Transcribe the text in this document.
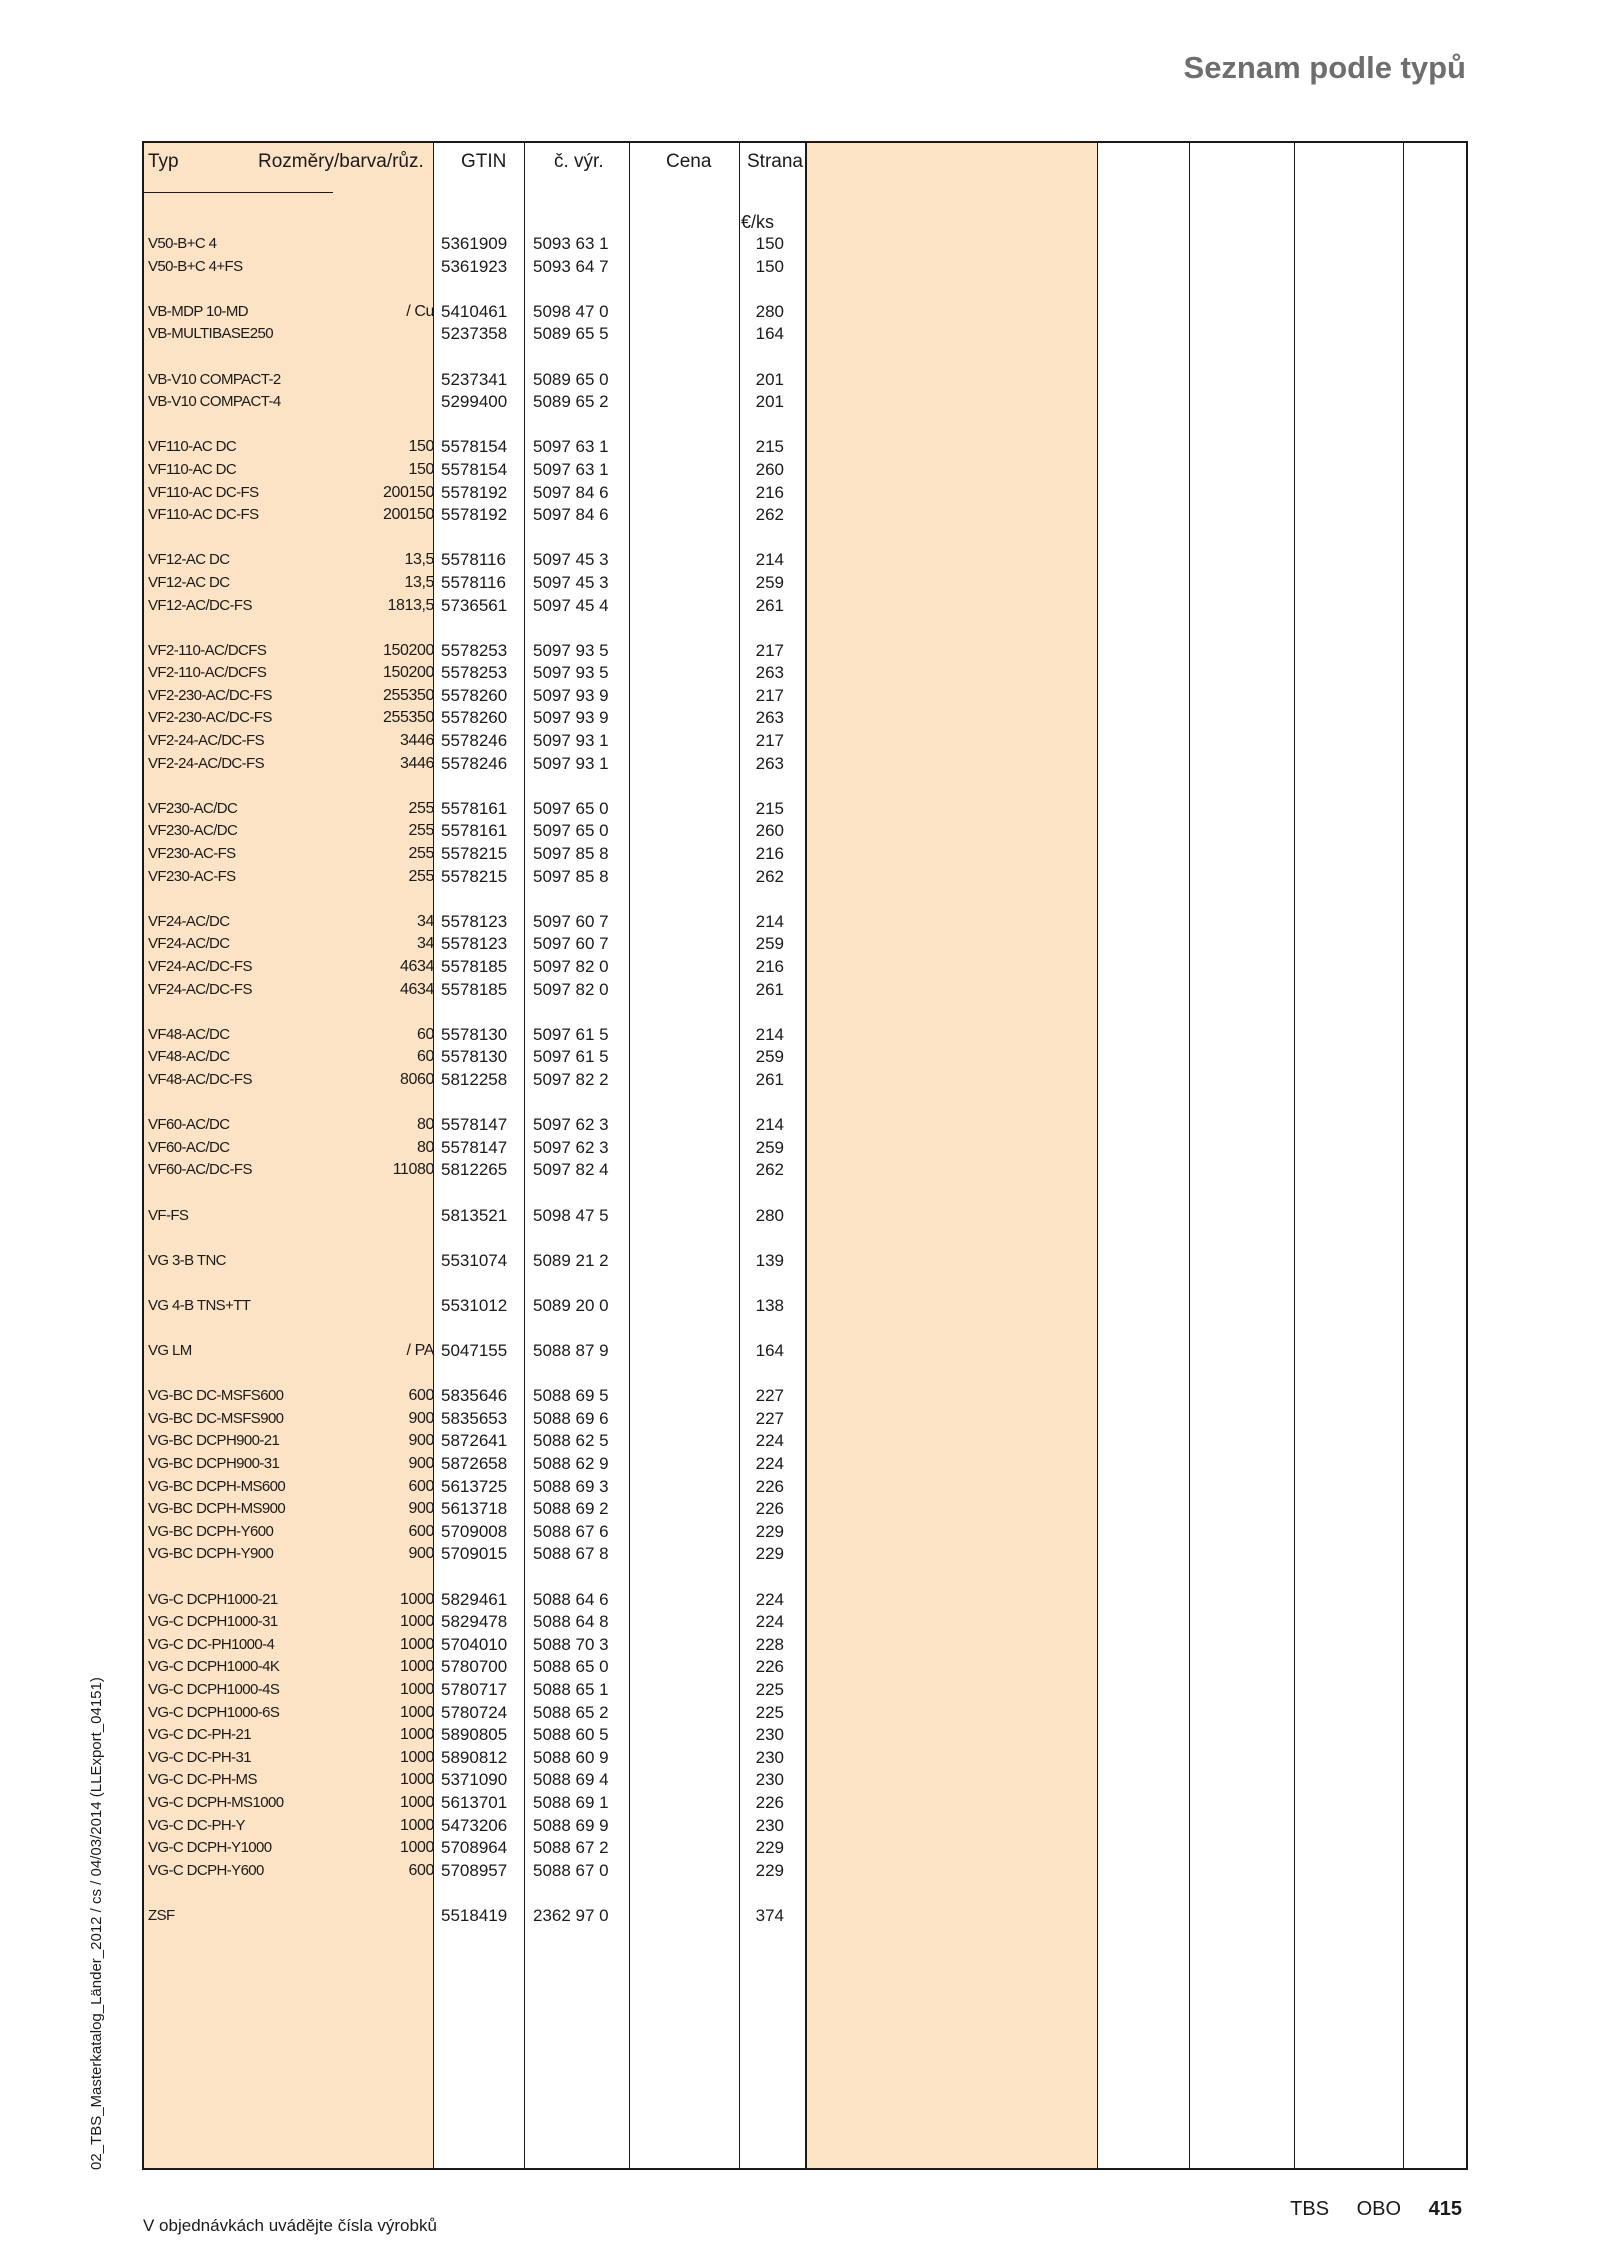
Seznam podle typů
Typ	Rozměry/barva/růz. GTIN	č. výr.	Cena Strana
€/ks
V50-B+C 4	5361909 5093 63 1	150
V50-B+C 4+FS	5361923 5093 64 7	150
VB-MDP 10-MD	/ Cu 5410461 5098 47 0	280
VB-MULTIBASE250	5237358 5089 65 5	164
VB-V10 COMPACT-2	5237341 5089 65 0	201
VB-V10 COMPACT-4	5299400 5089 65 2	201
VF110-AC DC	150 5578154 5097 63 1	215
VF110-AC DC	150 5578154 5097 63 1	260
VF110-AC DC-FS	200150 5578192 5097 84 6	216
VF110-AC DC-FS	200150 5578192 5097 84 6	262
VF12-AC DC	13,5 5578116 5097 45 3	214
VF12-AC DC	13,5 5578116 5097 45 3	259
VF12-AC/DC-FS	1813,5 5736561 5097 45 4	261
VF2-110-AC/DCFS	150200 5578253 5097 93 5	217
VF2-110-AC/DCFS	150200 5578253 5097 93 5	263
VF2-230-AC/DC-FS	255350 5578260 5097 93 9	217
VF2-230-AC/DC-FS	255350 5578260 5097 93 9	263
VF2-24-AC/DC-FS	3446 5578246 5097 93 1	217
VF2-24-AC/DC-FS	3446 5578246 5097 93 1	263
VF230-AC/DC	255 5578161 5097 65 0	215
VF230-AC/DC	255 5578161 5097 65 0	260
VF230-AC-FS	255 5578215 5097 85 8	216
VF230-AC-FS	255 5578215 5097 85 8	262
VF24-AC/DC	34 5578123 5097 60 7	214
VF24-AC/DC	34 5578123 5097 60 7	259
VF24-AC/DC-FS	4634 5578185 5097 82 0	216
VF24-AC/DC-FS	4634 5578185 5097 82 0	261
VF48-AC/DC	60 5578130 5097 61 5	214
VF48-AC/DC	60 5578130 5097 61 5	259
VF48-AC/DC-FS	8060 5812258 5097 82 2	261
VF60-AC/DC	80 5578147 5097 62 3	214
VF60-AC/DC	80 5578147 5097 62 3	259
VF60-AC/DC-FS	11080 5812265 5097 82 4	262
VF-FS	5813521 5098 47 5	280
VG 3-B TNC	5531074 5089 21 2	139
VG 4-B TNS+TT	5531012 5089 20 0	138
VG LM	/ PA 5047155 5088 87 9	164
VG-BC DC-MSFS600	600 5835646 5088 69 5	227
VG-BC DC-MSFS900	900 5835653 5088 69 6	227
VG-BC DCPH900-21	900 5872641 5088 62 5	224
VG-BC DCPH900-31	900 5872658 5088 62 9	224
VG-BC DCPH-MS600	600 5613725 5088 69 3	226
VG-BC DCPH-MS900	900 5613718 5088 69 2	226
VG-BC DCPH-Y600	600 5709008 5088 67 6	229
VG-BC DCPH-Y900	900 5709015 5088 67 8	229
VG-C DCPH1000-21	1000 5829461 5088 64 6	224
VG-C DCPH1000-31	1000 5829478 5088 64 8	224
VG-C DC-PH1000-4	1000 5704010 5088 70 3	228
VG-C DCPH1000-4K	1000 5780700 5088 65 0	226
VG-C DCPH1000-4S	1000 5780717 5088 65 1	225
VG-C DCPH1000-6S	1000 5780724 5088 65 2	225
VG-C DC-PH-21	1000 5890805 5088 60 5	230
VG-C DC-PH-31	1000 5890812 5088 60 9	230
VG-C DC-PH-MS	1000 5371090 5088 69 4	230
VG-C DCPH-MS1000	1000 5613701 5088 69 1	226
VG-C DC-PH-Y	1000 5473206 5088 69 9	230
VG-C DCPH-Y1000	1000 5708964 5088 67 2	229
VG-C DCPH-Y600	600 5708957 5088 67 0	229
ZSF	5518419 2362 97 0	374
V objednávkách uvádějte čísla výrobků
TBS OBO 415
02_TBS_Masterkatalog_Länder_2012 / cs / 04/03/2014 (LLExport_04151)
